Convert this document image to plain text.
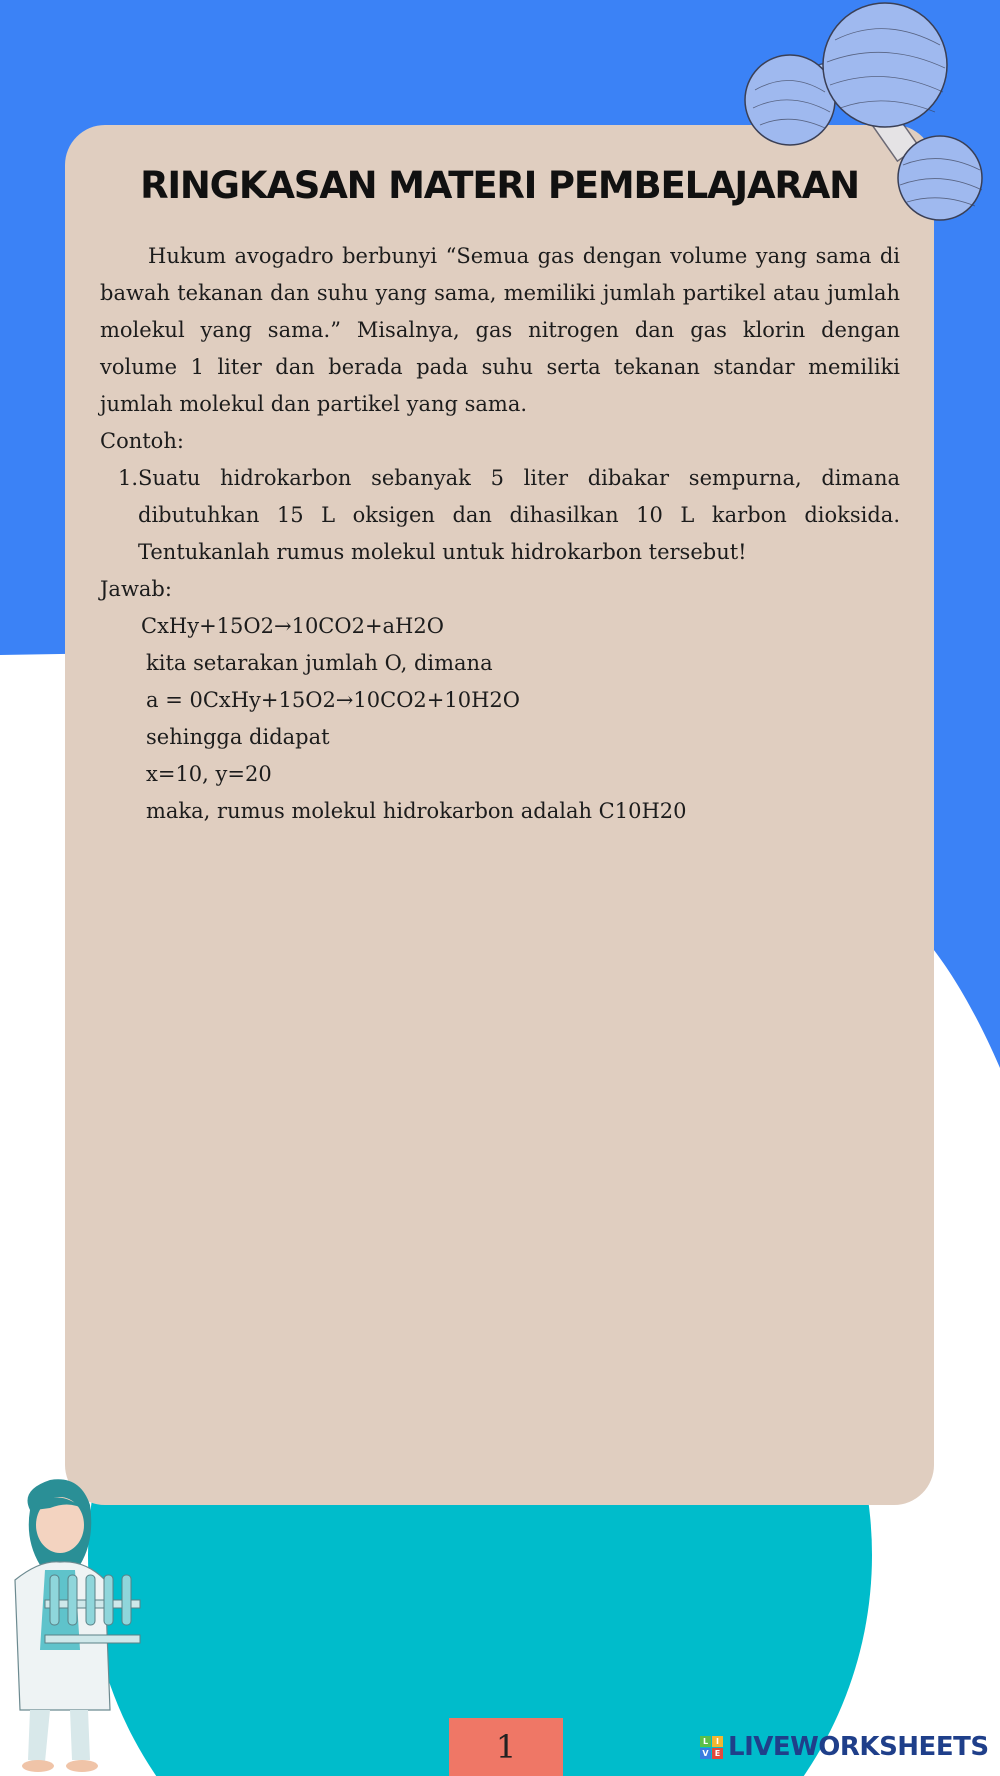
RINGKASAN MATERI PEMBELAJARAN

Hukum avogadro berbunyi “Semua gas dengan volume yang sama di bawah tekanan dan suhu yang sama, memiliki jumlah partikel atau jumlah molekul yang sama.” Misalnya, gas nitrogen dan gas klorin dengan volume 1 liter dan berada pada suhu serta tekanan standar memiliki jumlah molekul dan partikel yang sama.

Contoh:

1. Suatu hidrokarbon sebanyak 5 liter dibakar sempurna, dimana dibutuhkan 15 L oksigen dan dihasilkan 10 L karbon dioksida. Tentukanlah rumus molekul untuk hidrokarbon tersebut!

Jawab:

CxHy+15O2→10CO2+aH2O

kita setarakan jumlah O, dimana

a = 0CxHy+15O2→10CO2+10H2O

sehingga didapat

x=10, y=20

maka, rumus molekul hidrokarbon adalah C10H20

1	L I
V E LIVEWORKSHEETS
